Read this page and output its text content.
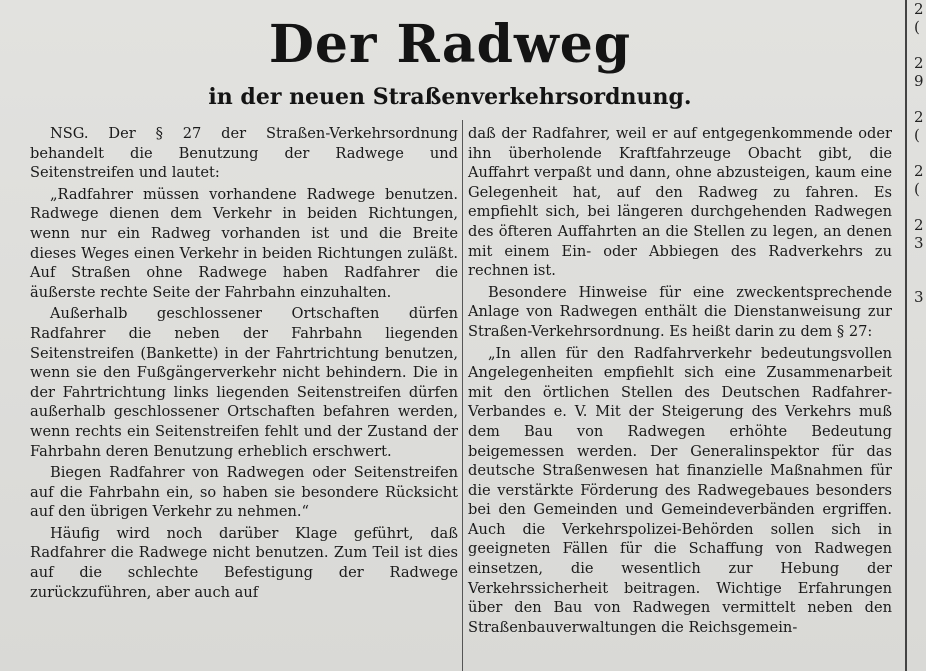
Der Radweg
in der neuen Straßenverkehrsordnung.

NSG. Der § 27 der Straßen-Verkehrsordnung behandelt die Benutzung der Radwege und Seitenstreifen und lautet:

„Radfahrer müssen vorhandene Radwege benutzen. Radwege dienen dem Verkehr in beiden Richtungen, wenn nur ein Radweg vorhanden ist und die Breite dieses Weges einen Verkehr in beiden Richtungen zuläßt. Auf Straßen ohne Radwege haben Radfahrer die äußerste rechte Seite der Fahrbahn einzuhalten.

Außerhalb geschlossener Ortschaften dürfen Radfahrer die neben der Fahrbahn liegenden Seitenstreifen (Bankette) in der Fahrtrichtung benutzen, wenn sie den Fußgängerverkehr nicht behindern. Die in der Fahrtrichtung links liegenden Seitenstreifen dürfen außerhalb geschlossener Ortschaften befahren werden, wenn rechts ein Seitenstreifen fehlt und der Zustand der Fahrbahn deren Benutzung erheblich erschwert.

Biegen Radfahrer von Radwegen oder Seitenstreifen auf die Fahrbahn ein, so haben sie besondere Rücksicht auf den übrigen Verkehr zu nehmen.“

Häufig wird noch darüber Klage geführt, daß Radfahrer die Radwege nicht benutzen. Zum Teil ist dies auf die schlechte Befestigung der Radwege zurückzuführen, aber auch auf

daß der Radfahrer, weil er auf entgegenkommende oder ihn überholende Kraftfahrzeuge Obacht gibt, die Auffahrt verpaßt und dann, ohne abzusteigen, kaum eine Gelegenheit hat, auf den Radweg zu fahren. Es empfiehlt sich, bei längeren durchgehenden Radwegen des öfteren Auffahrten an die Stellen zu legen, an denen mit einem Ein- oder Abbiegen des Radverkehrs zu rechnen ist.

Besondere Hinweise für eine zweckentsprechende Anlage von Radwegen enthält die Dienstanweisung zur Straßen-Verkehrsordnung. Es heißt darin zu dem § 27:

„In allen für den Radfahrverkehr bedeutungsvollen Angelegenheiten empfiehlt sich eine Zusammenarbeit mit den örtlichen Stellen des Deutschen Radfahrer-Verbandes e. V. Mit der Steigerung des Verkehrs muß dem Bau von Radwegen erhöhte Bedeutung beigemessen werden. Der Generalinspektor für das deutsche Straßenwesen hat finanzielle Maßnahmen für die verstärkte Förderung des Radwegebaues besonders bei den Gemeinden und Gemeindeverbänden ergriffen. Auch die Verkehrspolizei-Behörden sollen sich in geeigneten Fällen für die Schaffung von Radwegen einsetzen, die wesentlich zur Hebung der Verkehrssicherheit beitragen. Wichtige Erfahrungen über den Bau von Radwegen vermittelt neben den Straßenbauverwaltungen die Reichsgemein-

2
(
2
9
2
(
2
(
2
3
3
